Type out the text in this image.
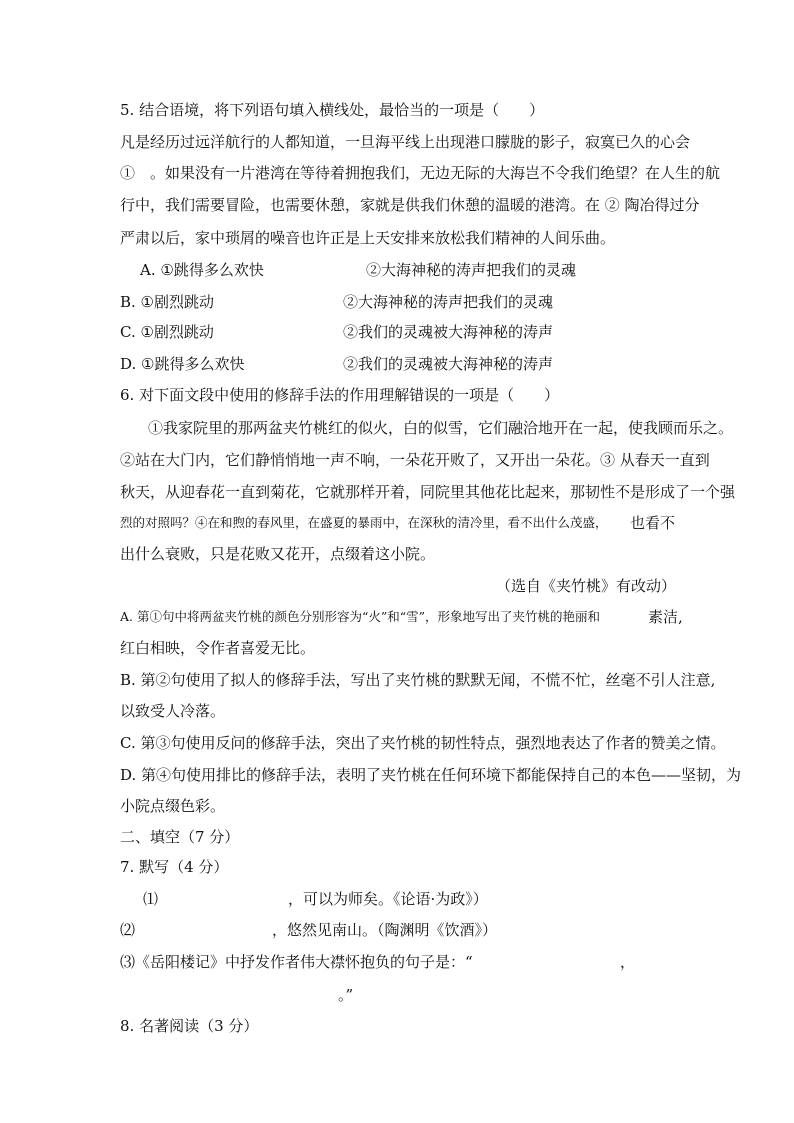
5. 结合语境，将下列语句填入横线处，最恰当的一项是（　　）
凡是经历过远洋航行的人都知道，一旦海平线上出现港口朦胧的影子，寂寞已久的心会
①　。如果没有一片港湾在等待着拥抱我们，无边无际的大海岂不令我们绝望？在人生的航
行中，我们需要冒险，也需要休憩，家就是供我们休憩的温暖的港湾。在 ② 陶冶得过分
严肃以后，家中琐屑的噪音也许正是上天安排来放松我们精神的人间乐曲。
A. ①跳得多么欢快	②大海神秘的涛声把我们的灵魂
B. ①剧烈跳动	②大海神秘的涛声把我们的灵魂
C. ①剧烈跳动	②我们的灵魂被大海神秘的涛声
D. ①跳得多么欢快	②我们的灵魂被大海神秘的涛声
6. 对下面文段中使用的修辞手法的作用理解错误的一项是（　　）
①我家院里的那两盆夹竹桃红的似火，白的似雪，它们融洽地开在一起，使我顾而乐之。
②站在大门内，它们静悄悄地一声不响，一朵花开败了，又开出一朵花。③ 从春天一直到
秋天，从迎春花一直到菊花，它就那样开着，同院里其他花比起来，那韧性不是形成了一个强
烈的对照吗？④在和煦的春风里，在盛夏的暴雨中，在深秋的清冷里，看不出什么茂盛， 也看不
出什么衰败，只是花败又花开，点缀着这小院。
（选自《夹竹桃》有改动）
A. 第①句中将两盆夹竹桃的颜色分别形容为“火”和“雪”，形象地写出了夹竹桃的艳丽和	素洁,
红白相映，令作者喜爱无比。
B. 第②句使用了拟人的修辞手法，写出了夹竹桃的默默无闻，不慌不忙，丝毫不引人注意,
以致受人冷落。
C. 第③句使用反问的修辞手法，突出了夹竹桃的韧性特点，强烈地表达了作者的赞美之情。
D. 第④句使用排比的修辞手法，表明了夹竹桃在任何环境下都能保持自己的本色——坚韧，为
小院点缀色彩。
二、填空（7 分）
7. 默写（4 分）
⑴	，可以为师矣。《论语·为政》）
⑵	，悠然见南山。（陶渊明《饮酒》）
⑶《岳阳楼记》中抒发作者伟大襟怀抱负的句子是：“	，
。”
8. 名著阅读（3 分）
